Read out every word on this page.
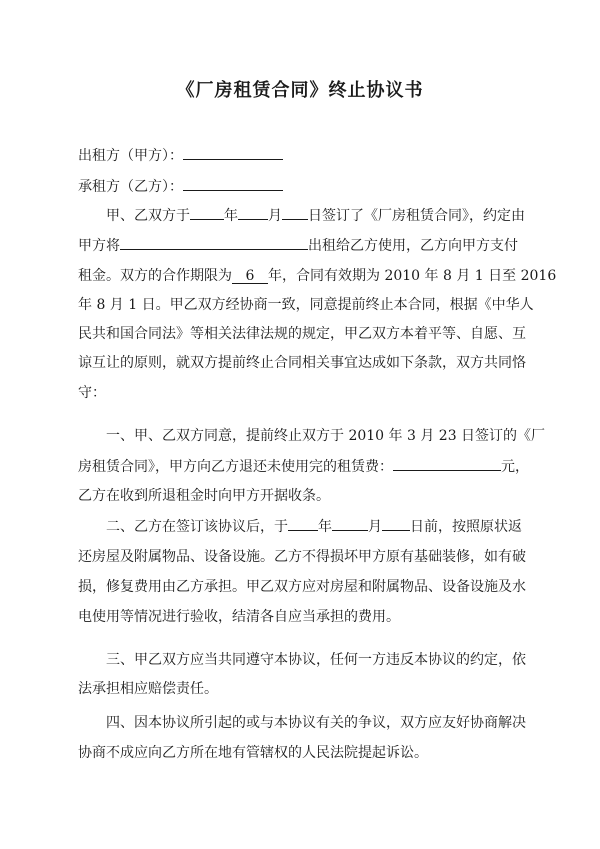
《厂房租赁合同》终止协议书
出租方（甲方）：
承租方（乙方）：
甲、乙双方于 年 月 日签订了《厂房租赁合同》，约定由
甲方将	出租给乙方使用，乙方向甲方支付
租金。双方的合作期限为 6 年，合同有效期为 2010 年 8 月 1 日至 2016
年 8 月 1 日。甲乙双方经协商一致，同意提前终止本合同，根据《中华人
民共和国合同法》等相关法律法规的规定，甲乙双方本着平等、自愿、互
谅互让的原则，就双方提前终止合同相关事宜达成如下条款，双方共同恪
守：
一、甲、乙双方同意，提前终止双方于 2010 年 3 月 23 日签订的《厂
房租赁合同》，甲方向乙方退还未使用完的租赁费：	元，
乙方在收到所退租金时向甲方开据收条。
二、乙方在签订该协议后，于 年	月 日前，按照原状返
还房屋及附属物品、设备设施。乙方不得损坏甲方原有基础装修，如有破
损，修复费用由乙方承担。甲乙双方应对房屋和附属物品、设备设施及水
电使用等情况进行验收，结清各自应当承担的费用。
三、甲乙双方应当共同遵守本协议，任何一方违反本协议的约定，依
法承担相应赔偿责任。
四、因本协议所引起的或与本协议有关的争议，双方应友好协商解决
协商不成应向乙方所在地有管辖权的人民法院提起诉讼。
